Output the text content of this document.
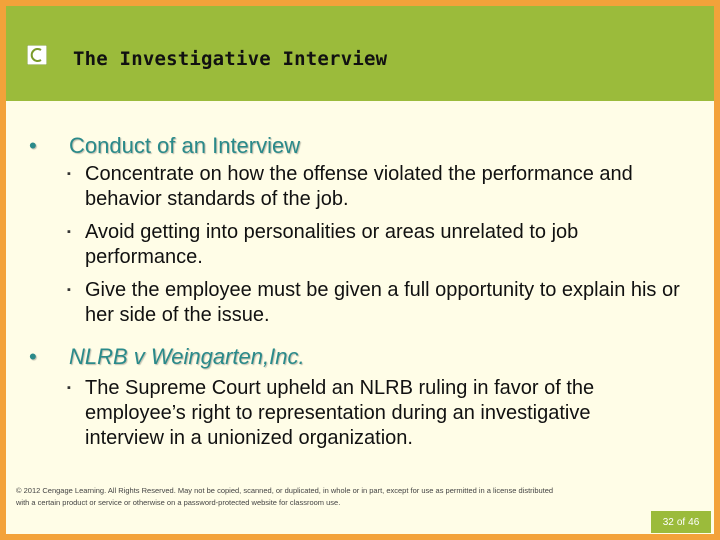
The Investigative Interview
• Conduct of an Interview
▪ Concentrate on how the offense violated the performance and behavior standards of the job.
▪ Avoid getting into personalities or areas unrelated to job performance.
▪ Give the employee must be given a full opportunity to explain his or her side of the issue.
• NLRB v Weingarten,Inc.
▪ The Supreme Court upheld an NLRB ruling in favor of the employee’s right to representation during an investigative interview in a unionized organization.
© 2012 Cengage Learning. All Rights Reserved. May not be copied, scanned, or duplicated, in whole or in part, except for use as permitted in a license distributed with a certain product or service or otherwise on a password-protected website for classroom use.
32 of 46
